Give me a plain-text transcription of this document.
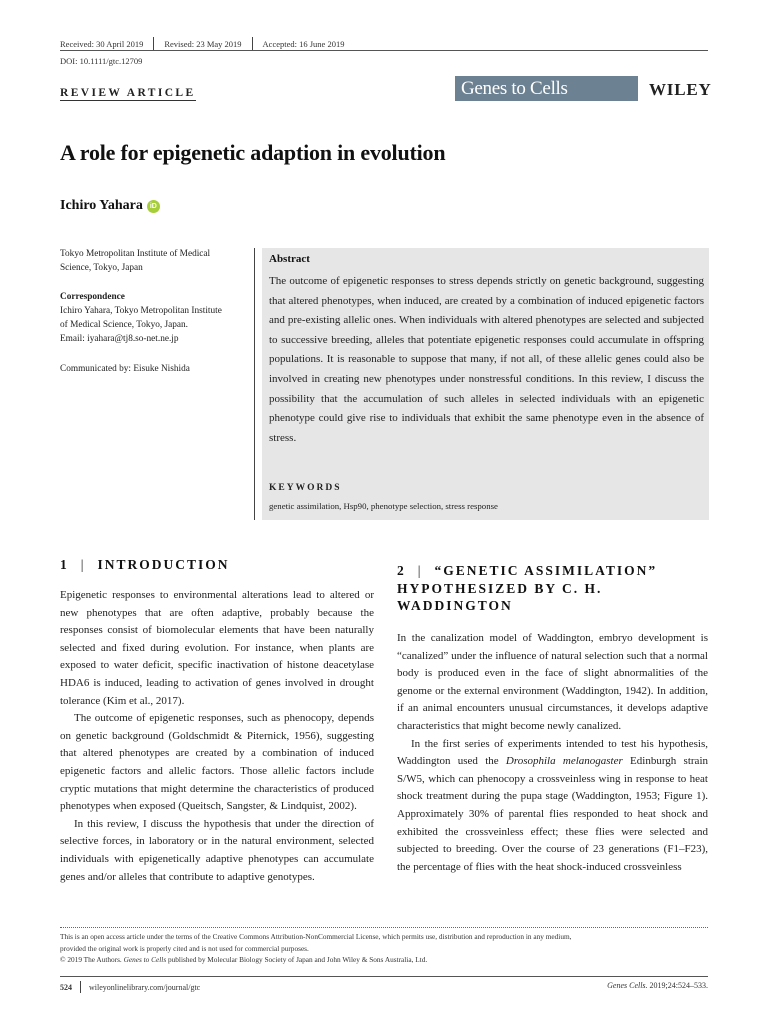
Received: 30 April 2019 Revised: 23 May 2019 Accepted: 16 June 2019
DOI: 10.1111/gtc.12709
REVIEW ARTICLE	Genes to Cells	WILEY
A role for epigenetic adaption in evolution
Ichiro Yahara	iD
Tokyo Metropolitan Institute of Medical
Science, Tokyo, Japan
Correspondence
Ichiro Yahara, Tokyo Metropolitan Institute
of Medical Science, Tokyo, Japan.
Email: iyahara@tj8.so-net.ne.jp
Communicated by: Eisuke Nishida
Abstract
The outcome of epigenetic responses to stress depends strictly on genetic background, suggesting that altered phenotypes, when induced, are created by a combination of induced epigenetic factors and pre-existing allelic ones. When individuals with altered phenotypes are selected and subjected to successive breeding, alleles that potentiate epigenetic responses could accumulate in offspring populations. It is reasonable to suppose that many, if not all, of these allelic genes could also be involved in creating new phenotypes under nonstressful conditions. In this review, I discuss the possibility that the accumulation of such alleles in selected individuals with an epigenetic phenotype could give rise to individuals that exhibit the same phenotype even in the absence of stress.
KEYWORDS
genetic assimilation, Hsp90, phenotype selection, stress response
1 | INTRODUCTION

Epigenetic responses to environmental alterations lead to altered or new phenotypes that are often adaptive, probably because the responses consist of biomolecular elements that have been naturally selected and fixed during evolution. For instance, when plants are exposed to water deficit, specific inactivation of histone deacetylase HDA6 is induced, leading to activation of genes involved in drought tolerance (Kim et al., 2017).

The outcome of epigenetic responses, such as phenocopy, depends on genetic background (Goldschmidt & Piternick, 1956), suggesting that altered phenotypes are created by a combination of induced epigenetic factors and allelic factors. Those allelic factors include cryptic mutations that might determine the characteristics of produced phenotypes when exposed (Queitsch, Sangster, & Lindquist, 2002).

In this review, I discuss the hypothesis that under the direction of selective forces, in laboratory or in the natural environment, selected individuals with epigenetically adaptive phenotypes can accumulate genes and/or alleles that contribute to adaptive genotypes.

2 | “GENETIC ASSIMILATION” HYPOTHESIZED BY C. H. WADDINGTON

In the canalization model of Waddington, embryo development is “canalized” under the influence of natural selection such that a normal body is produced even in the face of slight abnormalities of the genome or the external environment (Waddington, 1942). In addition, if an animal encounters unusual circumstances, it develops adaptive characteristics that might become newly canalized.

In the first series of experiments intended to test his hypothesis, Waddington used the Drosophila melanogaster Edinburgh strain S/W5, which can phenocopy a crossveinless wing in response to heat shock treatment during the pupa stage (Waddington, 1953; Figure 1). Approximately 30% of parental flies responded to heat shock and exhibited the crossveinless effect; these flies were selected and subjected to breeding. Over the course of 23 generations (F1–F23), the percentage of flies with the heat shock-induced crossveinless

This is an open access article under the terms of the Creative Commons Attribution-NonCommercial License, which permits use, distribution and reproduction in any medium,
provided the original work is properly cited and is not used for commercial purposes.
© 2019 The Authors. Genes to Cells published by Molecular Biology Society of Japan and John Wiley & Sons Australia, Ltd.
524 wileyonlinelibrary.com/journal/gtc	Genes Cells. 2019;24:524–533.
